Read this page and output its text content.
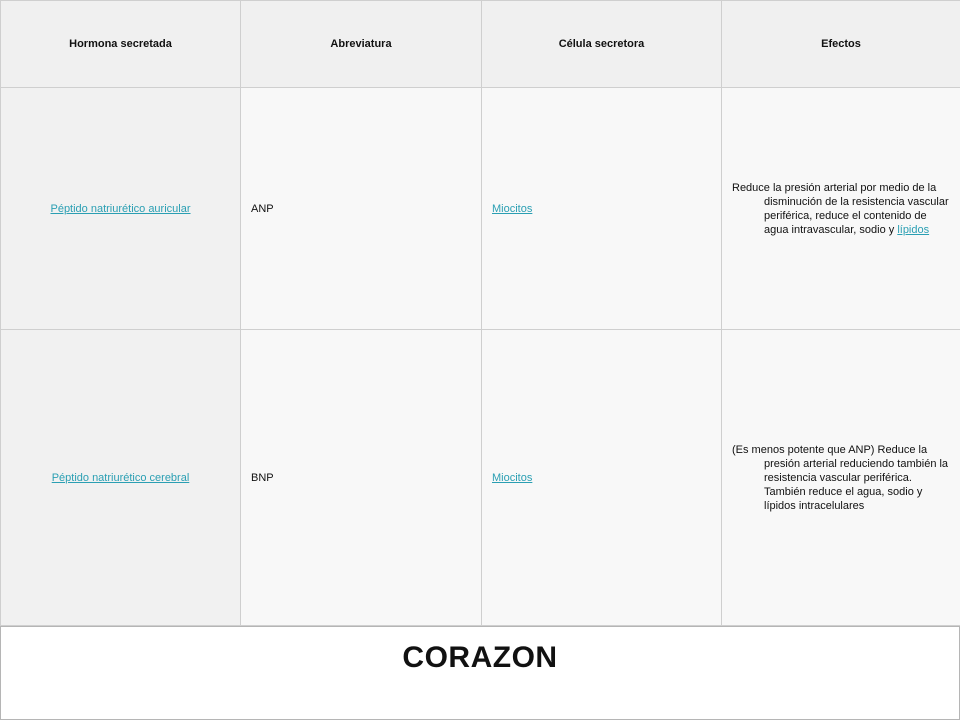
Hormona secretada	Abreviatura	Célula secretora	Efectos
Péptido natriurético auricular	ANP	Miocitos	Reduce la presión arterial por medio de la disminución de la resistencia vascular periférica, reduce el contenido de agua intravascular, sodio y lípidos

Péptido natriurético cerebral	BNP	Miocitos	(Es menos potente que ANP) Reduce la presión arterial reduciendo también la resistencia vascular periférica. También reduce el agua, sodio y lípidos intracelulares
CORAZON
